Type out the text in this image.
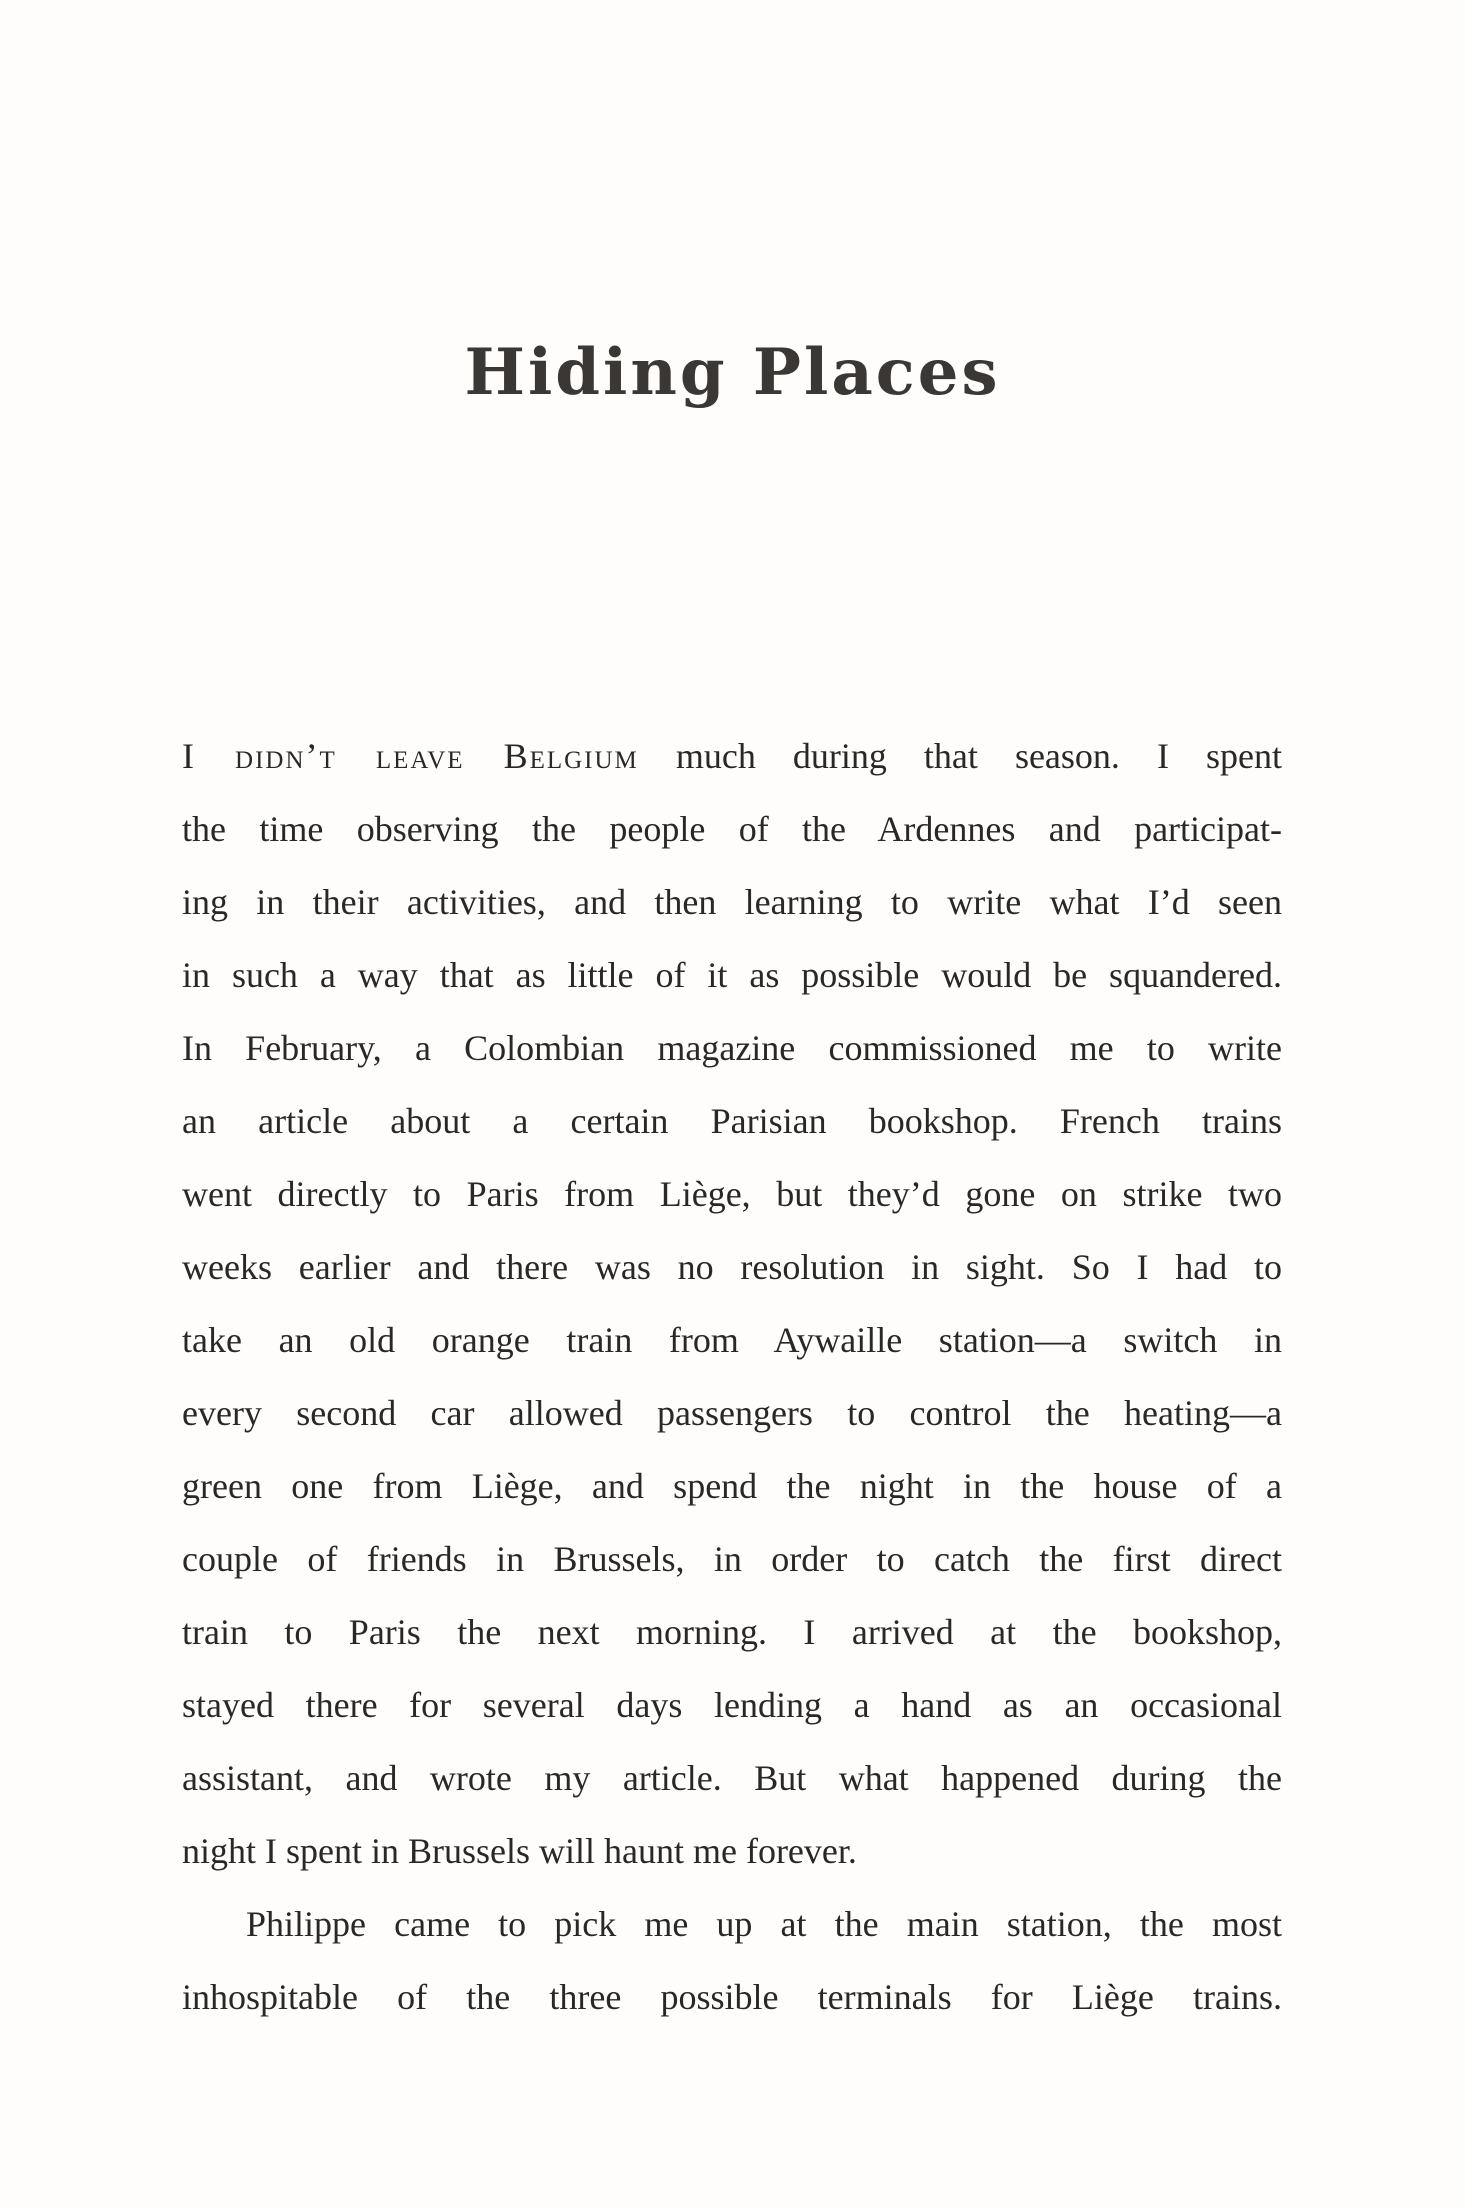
Hiding Places
I didn’t leave Belgium much during that season. I spent
the time observing the people of the Ardennes and participat-
ing in their activities, and then learning to write what I’d seen
in such a way that as little of it as possible would be squandered.
In February, a Colombian magazine commissioned me to write
an article about a certain Parisian bookshop. French trains
went directly to Paris from Liège, but they’d gone on strike two
weeks earlier and there was no resolution in sight. So I had to
take an old orange train from Aywaille station—a switch in
every second car allowed passengers to control the heating—a
green one from Liège, and spend the night in the house of a
couple of friends in Brussels, in order to catch the first direct
train to Paris the next morning. I arrived at the bookshop,
stayed there for several days lending a hand as an occasional
assistant, and wrote my article. But what happened during the
night I spent in Brussels will haunt me forever.
Philippe came to pick me up at the main station, the most
inhospitable of the three possible terminals for Liège trains.
